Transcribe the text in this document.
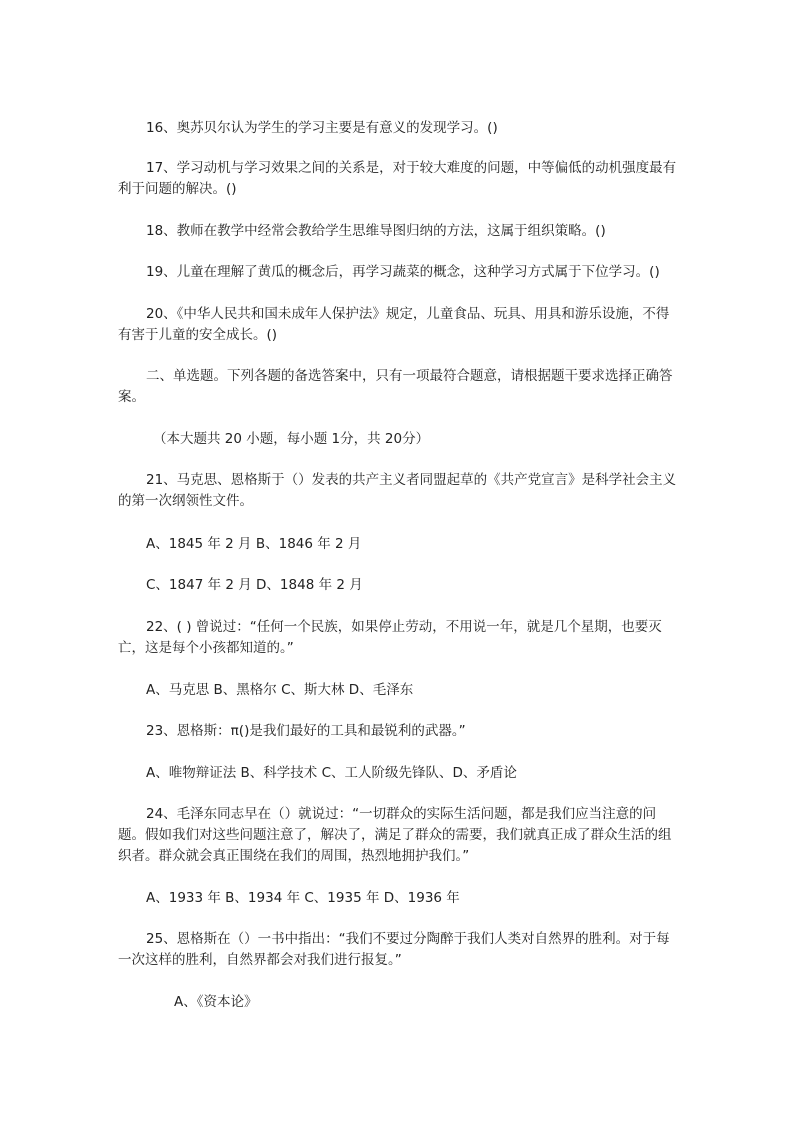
16、奥苏贝尔认为学生的学习主要是有意义的发现学习。()

17、学习动机与学习效果之间的关系是，对于较大难度的问题，中等偏低的动机强度最有利于问题的解决。()

18、教师在教学中经常会教给学生思维导图归纳的方法，这属于组织策略。()

19、儿童在理解了黄瓜的概念后，再学习蔬菜的概念，这种学习方式属于下位学习。()

20、《中华人民共和国未成年人保护法》规定，儿童食品、玩具、用具和游乐设施，不得有害于儿童的安全成长。()

二、单选题。下列各题的备选答案中，只有一项最符合题意，请根据题干要求选择正确答案。

（本大题共 20 小题，每小题 1分，共 20分）

21、马克思、恩格斯于（）发表的共产主义者同盟起草的《共产党宣言》是科学社会主义的第一次纲领性文件。

A、1845 年 2 月 B、1846 年 2 月

C、1847 年 2 月 D、1848 年 2 月

22、( ) 曾说过：“任何一个民族，如果停止劳动，不用说一年，就是几个星期，也要灭亡，这是每个小孩都知道的。”

A、马克思 B、黑格尔 C、斯大林 D、毛泽东

23、恩格斯：π()是我们最好的工具和最锐利的武器。”

A、唯物辩证法 B、科学技术 C、工人阶级先锋队、D、矛盾论

24、毛泽东同志早在（）就说过：“一切群众的实际生活问题，都是我们应当注意的问题。假如我们对这些问题注意了，解决了，满足了群众的需要，我们就真正成了群众生活的组织者。群众就会真正围绕在我们的周围，热烈地拥护我们。”

A、1933 年 B、1934 年 C、1935 年 D、1936 年

25、恩格斯在（）一书中指出：“我们不要过分陶醉于我们人类对自然界的胜利。对于每一次这样的胜利，自然界都会对我们进行报复。”

A、《资本论》
